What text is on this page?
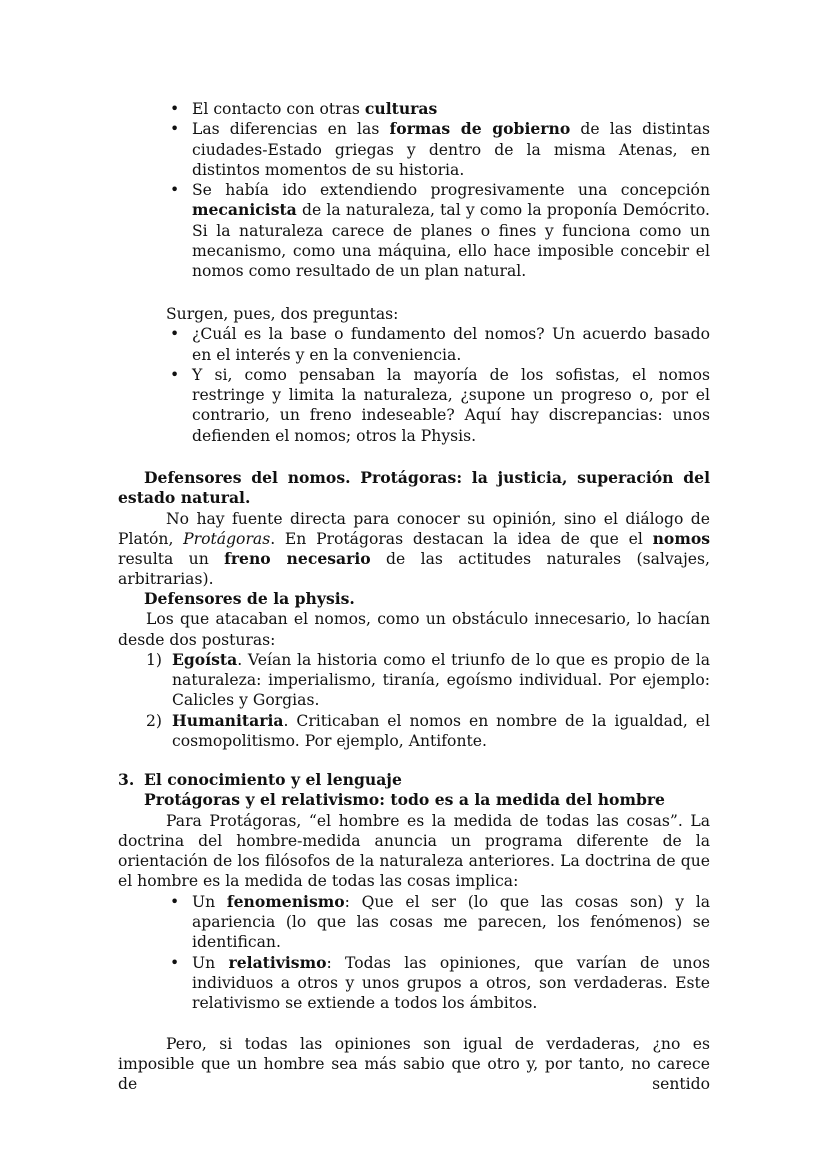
• El contacto con otras culturas
• Las diferencias en las formas de gobierno de las distintas ciudades-Estado griegas y dentro de la misma Atenas, en distintos momentos de su historia.
• Se había ido extendiendo progresivamente una concepción mecanicista de la naturaleza, tal y como la proponía Demócrito. Si la naturaleza carece de planes o fines y funciona como un mecanismo, como una máquina, ello hace imposible concebir el nomos como resultado de un plan natural.

Surgen, pues, dos preguntas:

• ¿Cuál es la base o fundamento del nomos? Un acuerdo basado en el interés y en la conveniencia.
• Y si, como pensaban la mayoría de los sofistas, el nomos restringe y limita la naturaleza, ¿supone un progreso o, por el contrario, un freno indeseable? Aquí hay discrepancias: unos defienden el nomos; otros la Physis.

Defensores del nomos. Protágoras: la justicia, superación del estado natural.

No hay fuente directa para conocer su opinión, sino el diálogo de Platón, Protágoras. En Protágoras destacan la idea de que el nomos resulta un freno necesario de las actitudes naturales (salvajes, arbitrarias).

Defensores de la physis.

Los que atacaban el nomos, como un obstáculo innecesario, lo hacían desde dos posturas:

1) Egoísta. Veían la historia como el triunfo de lo que es propio de la naturaleza: imperialismo, tiranía, egoísmo individual. Por ejemplo: Calicles y Gorgias.
2) Humanitaria. Criticaban el nomos en nombre de la igualdad, el cosmopolitismo. Por ejemplo, Antifonte.

3. El conocimiento y el lenguaje

Protágoras y el relativismo: todo es a la medida del hombre

Para Protágoras, “el hombre es la medida de todas las cosas”. La doctrina del hombre-medida anuncia un programa diferente de la orientación de los filósofos de la naturaleza anteriores. La doctrina de que el hombre es la medida de todas las cosas implica:

• Un fenomenismo: Que el ser (lo que las cosas son) y la apariencia (lo que las cosas me parecen, los fenómenos) se identifican.
• Un relativismo: Todas las opiniones, que varían de unos individuos a otros y unos grupos a otros, son verdaderas. Este relativismo se extiende a todos los ámbitos.

Pero, si todas las opiniones son igual de verdaderas, ¿no es imposible que un hombre sea más sabio que otro y, por tanto, no carece de sentido
